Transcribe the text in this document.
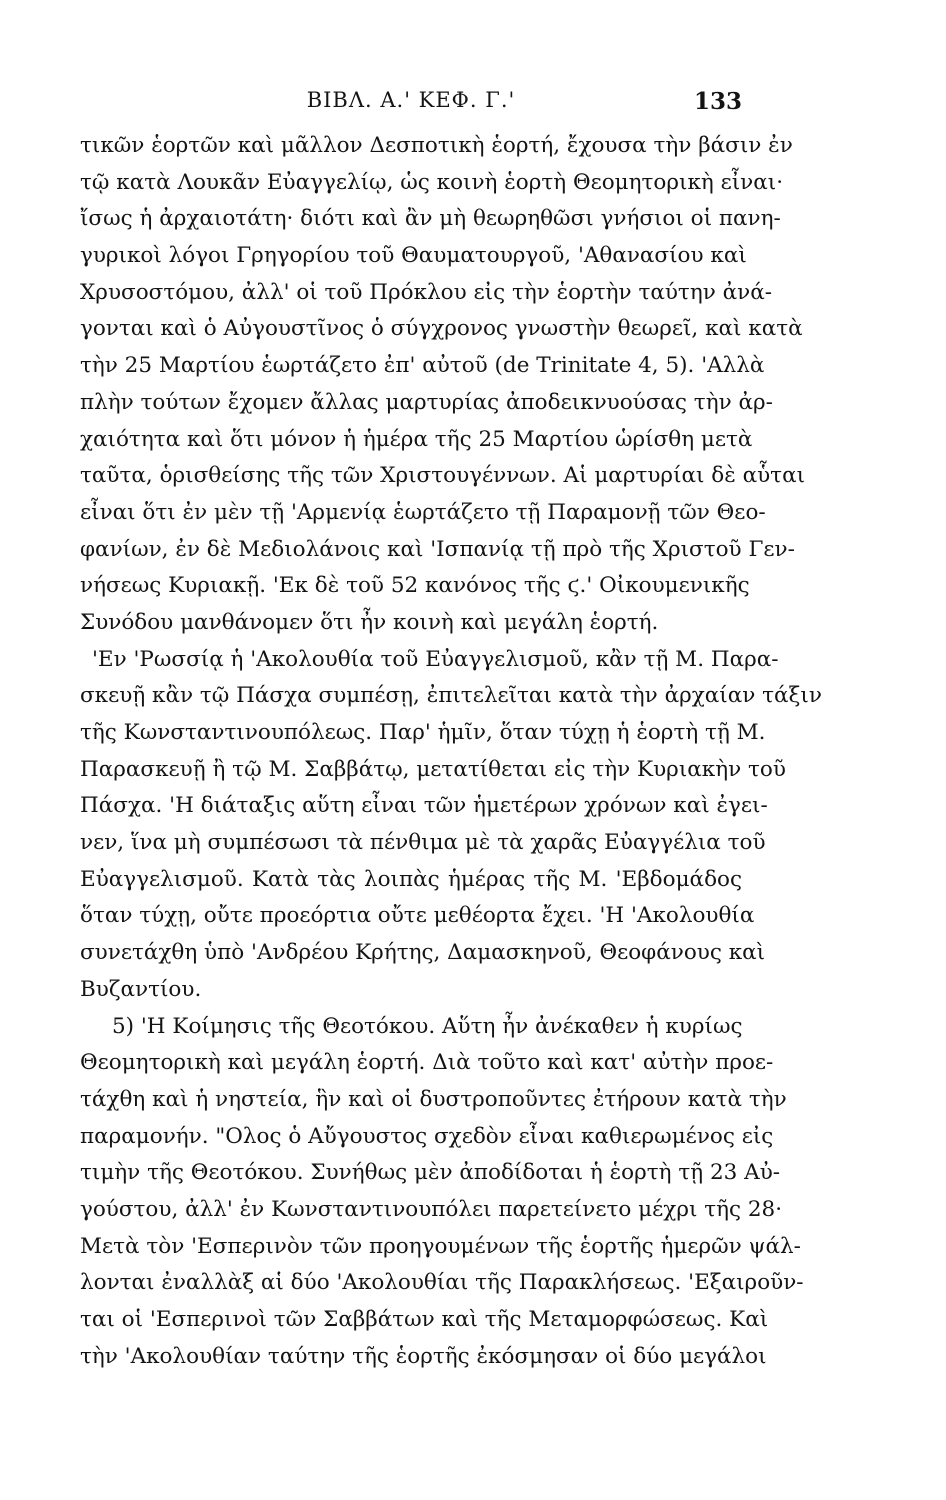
ΒΙΒΛ. Α.' ΚΕΦ. Γ.'	133
τικῶν ἑορτῶν καὶ μᾶλλον Δεσποτικὴ ἑορτή, ἔχουσα τὴν βάσιν ἐν
τῷ κατὰ Λουκᾶν Εὐαγγελίῳ, ὡς κοινὴ ἑορτὴ Θεομητορικὴ εἶναι·
ἴσως ἡ ἀρχαιοτάτη· διότι καὶ ἂν μὴ θεωρηθῶσι γνήσιοι οἱ πανη-
γυρικοὶ λόγοι Γρηγορίου τοῦ Θαυματουργοῦ, 'Αθανασίου καὶ
Χρυσοστόμου, ἀλλ' οἱ τοῦ Πρόκλου εἰς τὴν ἑορτὴν ταύτην ἀνά-
γονται καὶ ὁ Αὐγουστῖνος ὁ σύγχρονος γνωστὴν θεωρεῖ, καὶ κατὰ
τὴν 25 Μαρτίου ἑωρτάζετο ἐπ' αὐτοῦ (de Trinitate 4, 5). 'Αλλὰ
πλὴν τούτων ἔχομεν ἄλλας μαρτυρίας ἀποδεικνυούσας τὴν ἀρ-
χαιότητα καὶ ὅτι μόνον ἡ ἡμέρα τῆς 25 Μαρτίου ὡρίσθη μετὰ
ταῦτα, ὁρισθείσης τῆς τῶν Χριστουγέννων. Αἱ μαρτυρίαι δὲ αὗται
εἶναι ὅτι ἐν μὲν τῇ 'Αρμενίᾳ ἑωρτάζετο τῇ Παραμονῇ τῶν Θεο-
φανίων, ἐν δὲ Μεδιολάνοις καὶ 'Ισπανίᾳ τῇ πρὸ τῆς Χριστοῦ Γεν-
νήσεως Κυριακῇ. 'Εκ δὲ τοῦ 52 κανόνος τῆς ϛ.' Οἰκουμενικῆς
Συνόδου μανθάνομεν ὅτι ἦν κοινὴ καὶ μεγάλη ἑορτή.
'Εν 'Ρωσσίᾳ ἡ 'Ακολουθία τοῦ Εὐαγγελισμοῦ, κἂν τῇ Μ. Παρα-
σκευῇ κἂν τῷ Πάσχα συμπέσῃ, ἐπιτελεῖται κατὰ τὴν ἀρχαίαν τάξιν
τῆς Κωνσταντινουπόλεως. Παρ' ἡμῖν, ὅταν τύχῃ ἡ ἑορτὴ τῇ Μ.
Παρασκευῇ ἢ τῷ Μ. Σαββάτῳ, μετατίθεται εἰς τὴν Κυριακὴν τοῦ
Πάσχα. 'Η διάταξις αὕτη εἶναι τῶν ἡμετέρων χρόνων καὶ ἐγει-
νεν, ἵνα μὴ συμπέσωσι τὰ πένθιμα μὲ τὰ χαρᾶς Εὐαγγέλια τοῦ
Εὐαγγελισμοῦ. Κατὰ τὰς λοιπὰς ἡμέρας τῆς Μ. 'Εβδομάδος
ὅταν τύχῃ, οὔτε προεόρτια οὔτε μεθέορτα ἔχει. 'Η 'Ακολουθία
συνετάχθη ὑπὸ 'Ανδρέου Κρήτης, Δαμασκηνοῦ, Θεοφάνους καὶ
Βυζαντίου.
5) 'Η Κοίμησις τῆς Θεοτόκου. Αὕτη ἦν ἀνέκαθεν ἡ κυρίως
Θεομητορικὴ καὶ μεγάλη ἑορτή. Διὰ τοῦτο καὶ κατ' αὐτὴν προε-
τάχθη καὶ ἡ νηστεία, ἣν καὶ οἱ δυστροποῦντες ἐτήρουν κατὰ τὴν
παραμονήν. "Ολος ὁ Αὔγουστος σχεδὸν εἶναι καθιερωμένος εἰς
τιμὴν τῆς Θεοτόκου. Συνήθως μὲν ἀποδίδοται ἡ ἑορτὴ τῇ 23 Αὐ-
γούστου, ἀλλ' ἐν Κωνσταντινουπόλει παρετείνετο μέχρι τῆς 28·
Μετὰ τὸν 'Εσπερινὸν τῶν προηγουμένων τῆς ἑορτῆς ἡμερῶν ψάλ-
λονται ἐναλλὰξ αἱ δύο 'Ακολουθίαι τῆς Παρακλήσεως. 'Εξαιροῦν-
ται οἱ 'Εσπερινοὶ τῶν Σαββάτων καὶ τῆς Μεταμορφώσεως. Καὶ
τὴν 'Ακολουθίαν ταύτην τῆς ἑορτῆς ἐκόσμησαν οἱ δύο μεγάλοι
